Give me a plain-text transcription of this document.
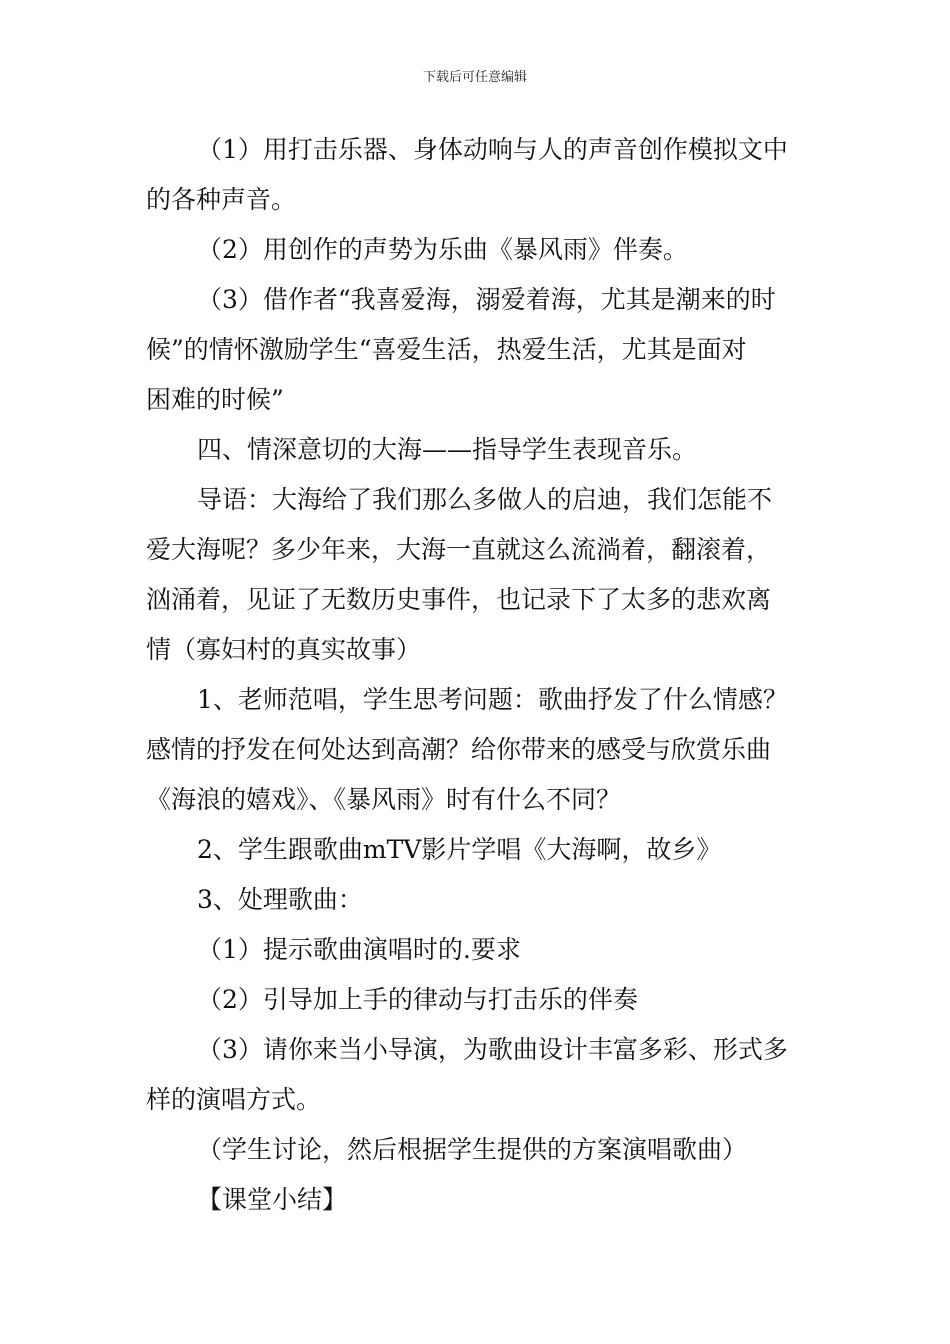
下载后可任意编辑
（1）用打击乐器、身体动响与人的声音创作模拟文中
的各种声音。
（2）用创作的声势为乐曲《暴风雨》伴奏。
（3）借作者“我喜爱海，溺爱着海，尤其是潮来的时
候”的情怀激励学生“喜爱生活，热爱生活，尤其是面对
困难的时候”
四、情深意切的大海——指导学生表现音乐。
导语：大海给了我们那么多做人的启迪，我们怎能不
爱大海呢？多少年来，大海一直就这么流淌着，翻滚着，
汹涌着，见证了无数历史事件，也记录下了太多的悲欢离
情（寡妇村的真实故事）
1、老师范唱，学生思考问题：歌曲抒发了什么情感？
感情的抒发在何处达到高潮？给你带来的感受与欣赏乐曲
《海浪的嬉戏》、《暴风雨》时有什么不同？
2、学生跟歌曲mTV影片学唱《大海啊，故乡》
3、处理歌曲：
（1）提示歌曲演唱时的.要求
（2）引导加上手的律动与打击乐的伴奏
（3）请你来当小导演，为歌曲设计丰富多彩、形式多
样的演唱方式。
（学生讨论，然后根据学生提供的方案演唱歌曲）
【课堂小结】
